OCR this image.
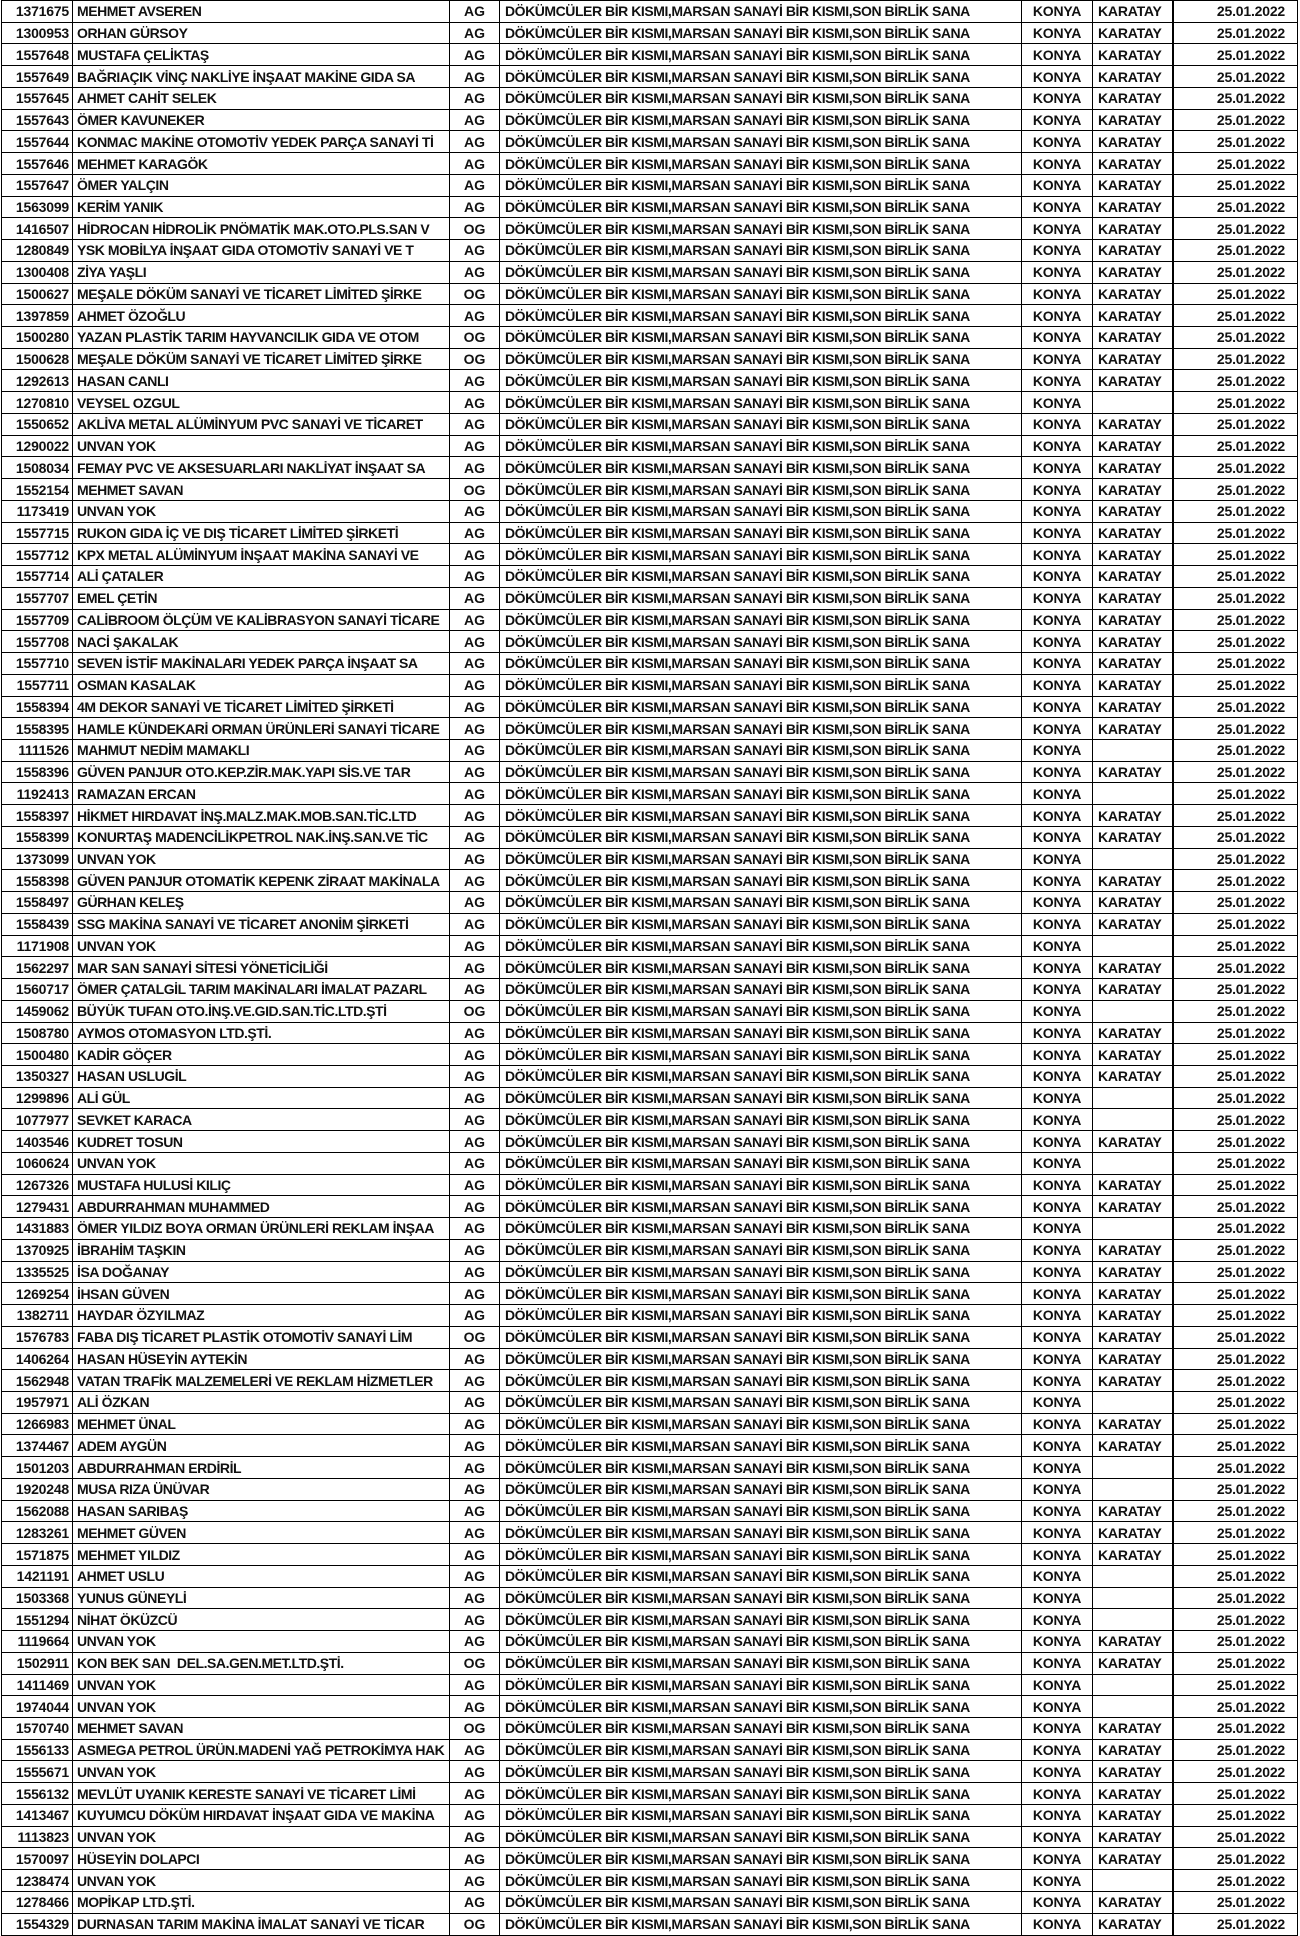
1371675	MEHMET AVSEREN	AG	DÖKÜMCÜLER BİR KISMI,MARSAN SANAYİ BİR KISMI,SON BİRLİK SANA	KONYA	KARATAY	25.01.2022
1300953	ORHAN GÜRSOY	AG	DÖKÜMCÜLER BİR KISMI,MARSAN SANAYİ BİR KISMI,SON BİRLİK SANA	KONYA	KARATAY	25.01.2022
1557648	MUSTAFA ÇELİKTAŞ	AG	DÖKÜMCÜLER BİR KISMI,MARSAN SANAYİ BİR KISMI,SON BİRLİK SANA	KONYA	KARATAY	25.01.2022
1557649	BAĞRIAÇIK VİNÇ NAKLİYE İNŞAAT MAKİNE GIDA SA	AG	DÖKÜMCÜLER BİR KISMI,MARSAN SANAYİ BİR KISMI,SON BİRLİK SANA	KONYA	KARATAY	25.01.2022
1557645	AHMET CAHİT SELEK	AG	DÖKÜMCÜLER BİR KISMI,MARSAN SANAYİ BİR KISMI,SON BİRLİK SANA	KONYA	KARATAY	25.01.2022
1557643	ÖMER KAVUNEKER	AG	DÖKÜMCÜLER BİR KISMI,MARSAN SANAYİ BİR KISMI,SON BİRLİK SANA	KONYA	KARATAY	25.01.2022
1557644	KONMAC MAKİNE OTOMOTİV YEDEK PARÇA SANAYİ Tİ	AG	DÖKÜMCÜLER BİR KISMI,MARSAN SANAYİ BİR KISMI,SON BİRLİK SANA	KONYA	KARATAY	25.01.2022
1557646	MEHMET KARAGÖK	AG	DÖKÜMCÜLER BİR KISMI,MARSAN SANAYİ BİR KISMI,SON BİRLİK SANA	KONYA	KARATAY	25.01.2022
1557647	ÖMER YALÇIN	AG	DÖKÜMCÜLER BİR KISMI,MARSAN SANAYİ BİR KISMI,SON BİRLİK SANA	KONYA	KARATAY	25.01.2022
1563099	KERİM YANIK	AG	DÖKÜMCÜLER BİR KISMI,MARSAN SANAYİ BİR KISMI,SON BİRLİK SANA	KONYA	KARATAY	25.01.2022
1416507	HİDROCAN HİDROLİK PNÖMATİK MAK.OTO.PLS.SAN V	OG	DÖKÜMCÜLER BİR KISMI,MARSAN SANAYİ BİR KISMI,SON BİRLİK SANA	KONYA	KARATAY	25.01.2022
1280849	YSK MOBİLYA İNŞAAT GIDA OTOMOTİV SANAYİ VE T	AG	DÖKÜMCÜLER BİR KISMI,MARSAN SANAYİ BİR KISMI,SON BİRLİK SANA	KONYA	KARATAY	25.01.2022
1300408	ZİYA YAŞLI	AG	DÖKÜMCÜLER BİR KISMI,MARSAN SANAYİ BİR KISMI,SON BİRLİK SANA	KONYA	KARATAY	25.01.2022
1500627	MEŞALE DÖKÜM SANAYİ VE TİCARET LİMİTED ŞİRKE	OG	DÖKÜMCÜLER BİR KISMI,MARSAN SANAYİ BİR KISMI,SON BİRLİK SANA	KONYA	KARATAY	25.01.2022
1397859	AHMET ÖZOĞLU	AG	DÖKÜMCÜLER BİR KISMI,MARSAN SANAYİ BİR KISMI,SON BİRLİK SANA	KONYA	KARATAY	25.01.2022
1500280	YAZAN PLASTİK TARIM HAYVANCILIK GIDA VE OTOM	OG	DÖKÜMCÜLER BİR KISMI,MARSAN SANAYİ BİR KISMI,SON BİRLİK SANA	KONYA	KARATAY	25.01.2022
1500628	MEŞALE DÖKÜM SANAYİ VE TİCARET LİMİTED ŞİRKE	OG	DÖKÜMCÜLER BİR KISMI,MARSAN SANAYİ BİR KISMI,SON BİRLİK SANA	KONYA	KARATAY	25.01.2022
1292613	HASAN CANLI	AG	DÖKÜMCÜLER BİR KISMI,MARSAN SANAYİ BİR KISMI,SON BİRLİK SANA	KONYA	KARATAY	25.01.2022
1270810	VEYSEL OZGUL	AG	DÖKÜMCÜLER BİR KISMI,MARSAN SANAYİ BİR KISMI,SON BİRLİK SANA	KONYA		25.01.2022
1550652	AKLİVA METAL ALÜMİNYUM PVC SANAYİ VE TİCARET	AG	DÖKÜMCÜLER BİR KISMI,MARSAN SANAYİ BİR KISMI,SON BİRLİK SANA	KONYA	KARATAY	25.01.2022
1290022	UNVAN YOK	AG	DÖKÜMCÜLER BİR KISMI,MARSAN SANAYİ BİR KISMI,SON BİRLİK SANA	KONYA	KARATAY	25.01.2022
1508034	FEMAY PVC VE AKSESUARLARI NAKLİYAT İNŞAAT SA	AG	DÖKÜMCÜLER BİR KISMI,MARSAN SANAYİ BİR KISMI,SON BİRLİK SANA	KONYA	KARATAY	25.01.2022
1552154	MEHMET SAVAN	OG	DÖKÜMCÜLER BİR KISMI,MARSAN SANAYİ BİR KISMI,SON BİRLİK SANA	KONYA	KARATAY	25.01.2022
1173419	UNVAN YOK	AG	DÖKÜMCÜLER BİR KISMI,MARSAN SANAYİ BİR KISMI,SON BİRLİK SANA	KONYA	KARATAY	25.01.2022
1557715	RUKON GIDA İÇ VE DIŞ TİCARET LİMİTED ŞİRKETİ	AG	DÖKÜMCÜLER BİR KISMI,MARSAN SANAYİ BİR KISMI,SON BİRLİK SANA	KONYA	KARATAY	25.01.2022
1557712	KPX METAL ALÜMİNYUM İNŞAAT MAKİNA SANAYİ VE	AG	DÖKÜMCÜLER BİR KISMI,MARSAN SANAYİ BİR KISMI,SON BİRLİK SANA	KONYA	KARATAY	25.01.2022
1557714	ALİ ÇATALER	AG	DÖKÜMCÜLER BİR KISMI,MARSAN SANAYİ BİR KISMI,SON BİRLİK SANA	KONYA	KARATAY	25.01.2022
1557707	EMEL ÇETİN	AG	DÖKÜMCÜLER BİR KISMI,MARSAN SANAYİ BİR KISMI,SON BİRLİK SANA	KONYA	KARATAY	25.01.2022
1557709	CALİBROOM ÖLÇÜM VE KALİBRASYON SANAYİ TİCARE	AG	DÖKÜMCÜLER BİR KISMI,MARSAN SANAYİ BİR KISMI,SON BİRLİK SANA	KONYA	KARATAY	25.01.2022
1557708	NACİ ŞAKALAK	AG	DÖKÜMCÜLER BİR KISMI,MARSAN SANAYİ BİR KISMI,SON BİRLİK SANA	KONYA	KARATAY	25.01.2022
1557710	SEVEN İSTİF MAKİNALARI YEDEK PARÇA İNŞAAT SA	AG	DÖKÜMCÜLER BİR KISMI,MARSAN SANAYİ BİR KISMI,SON BİRLİK SANA	KONYA	KARATAY	25.01.2022
1557711	OSMAN KASALAK	AG	DÖKÜMCÜLER BİR KISMI,MARSAN SANAYİ BİR KISMI,SON BİRLİK SANA	KONYA	KARATAY	25.01.2022
1558394	4M DEKOR SANAYİ VE TİCARET LİMİTED ŞİRKETİ	AG	DÖKÜMCÜLER BİR KISMI,MARSAN SANAYİ BİR KISMI,SON BİRLİK SANA	KONYA	KARATAY	25.01.2022
1558395	HAMLE KÜNDEKARİ ORMAN ÜRÜNLERİ SANAYİ TİCARE	AG	DÖKÜMCÜLER BİR KISMI,MARSAN SANAYİ BİR KISMI,SON BİRLİK SANA	KONYA	KARATAY	25.01.2022
1111526	MAHMUT NEDİM MAMAKLI	AG	DÖKÜMCÜLER BİR KISMI,MARSAN SANAYİ BİR KISMI,SON BİRLİK SANA	KONYA		25.01.2022
1558396	GÜVEN PANJUR OTO.KEP.ZİR.MAK.YAPI SİS.VE TAR	AG	DÖKÜMCÜLER BİR KISMI,MARSAN SANAYİ BİR KISMI,SON BİRLİK SANA	KONYA	KARATAY	25.01.2022
1192413	RAMAZAN ERCAN	AG	DÖKÜMCÜLER BİR KISMI,MARSAN SANAYİ BİR KISMI,SON BİRLİK SANA	KONYA		25.01.2022
1558397	HİKMET HIRDAVAT İNŞ.MALZ.MAK.MOB.SAN.TİC.LTD	AG	DÖKÜMCÜLER BİR KISMI,MARSAN SANAYİ BİR KISMI,SON BİRLİK SANA	KONYA	KARATAY	25.01.2022
1558399	KONURTAŞ MADENCİLİKPETROL NAK.İNŞ.SAN.VE TİC	AG	DÖKÜMCÜLER BİR KISMI,MARSAN SANAYİ BİR KISMI,SON BİRLİK SANA	KONYA	KARATAY	25.01.2022
1373099	UNVAN YOK	AG	DÖKÜMCÜLER BİR KISMI,MARSAN SANAYİ BİR KISMI,SON BİRLİK SANA	KONYA		25.01.2022
1558398	GÜVEN PANJUR OTOMATİK KEPENK ZİRAAT MAKİNALA	AG	DÖKÜMCÜLER BİR KISMI,MARSAN SANAYİ BİR KISMI,SON BİRLİK SANA	KONYA	KARATAY	25.01.2022
1558497	GÜRHAN KELEŞ	AG	DÖKÜMCÜLER BİR KISMI,MARSAN SANAYİ BİR KISMI,SON BİRLİK SANA	KONYA	KARATAY	25.01.2022
1558439	SSG MAKİNA SANAYİ VE TİCARET ANONİM ŞİRKETİ	AG	DÖKÜMCÜLER BİR KISMI,MARSAN SANAYİ BİR KISMI,SON BİRLİK SANA	KONYA	KARATAY	25.01.2022
1171908	UNVAN YOK	AG	DÖKÜMCÜLER BİR KISMI,MARSAN SANAYİ BİR KISMI,SON BİRLİK SANA	KONYA		25.01.2022
1562297	MAR SAN SANAYİ SİTESİ YÖNETİCİLİĞİ	AG	DÖKÜMCÜLER BİR KISMI,MARSAN SANAYİ BİR KISMI,SON BİRLİK SANA	KONYA	KARATAY	25.01.2022
1560717	ÖMER ÇATALGİL TARIM MAKİNALARI İMALAT PAZARL	AG	DÖKÜMCÜLER BİR KISMI,MARSAN SANAYİ BİR KISMI,SON BİRLİK SANA	KONYA	KARATAY	25.01.2022
1459062	BÜYÜK TUFAN OTO.İNŞ.VE.GID.SAN.TİC.LTD.ŞTİ	OG	DÖKÜMCÜLER BİR KISMI,MARSAN SANAYİ BİR KISMI,SON BİRLİK SANA	KONYA		25.01.2022
1508780	AYMOS OTOMASYON LTD.ŞTİ.	AG	DÖKÜMCÜLER BİR KISMI,MARSAN SANAYİ BİR KISMI,SON BİRLİK SANA	KONYA	KARATAY	25.01.2022
1500480	KADİR GÖÇER	AG	DÖKÜMCÜLER BİR KISMI,MARSAN SANAYİ BİR KISMI,SON BİRLİK SANA	KONYA	KARATAY	25.01.2022
1350327	HASAN USLUGİL	AG	DÖKÜMCÜLER BİR KISMI,MARSAN SANAYİ BİR KISMI,SON BİRLİK SANA	KONYA	KARATAY	25.01.2022
1299896	ALİ GÜL	AG	DÖKÜMCÜLER BİR KISMI,MARSAN SANAYİ BİR KISMI,SON BİRLİK SANA	KONYA		25.01.2022
1077977	SEVKET KARACA	AG	DÖKÜMCÜLER BİR KISMI,MARSAN SANAYİ BİR KISMI,SON BİRLİK SANA	KONYA		25.01.2022
1403546	KUDRET TOSUN	AG	DÖKÜMCÜLER BİR KISMI,MARSAN SANAYİ BİR KISMI,SON BİRLİK SANA	KONYA	KARATAY	25.01.2022
1060624	UNVAN YOK	AG	DÖKÜMCÜLER BİR KISMI,MARSAN SANAYİ BİR KISMI,SON BİRLİK SANA	KONYA		25.01.2022
1267326	MUSTAFA HULUSİ KILIÇ	AG	DÖKÜMCÜLER BİR KISMI,MARSAN SANAYİ BİR KISMI,SON BİRLİK SANA	KONYA	KARATAY	25.01.2022
1279431	ABDURRAHMAN MUHAMMED	AG	DÖKÜMCÜLER BİR KISMI,MARSAN SANAYİ BİR KISMI,SON BİRLİK SANA	KONYA	KARATAY	25.01.2022
1431883	ÖMER YILDIZ BOYA ORMAN ÜRÜNLERİ REKLAM İNŞAA	AG	DÖKÜMCÜLER BİR KISMI,MARSAN SANAYİ BİR KISMI,SON BİRLİK SANA	KONYA		25.01.2022
1370925	İBRAHİM TAŞKIN	AG	DÖKÜMCÜLER BİR KISMI,MARSAN SANAYİ BİR KISMI,SON BİRLİK SANA	KONYA	KARATAY	25.01.2022
1335525	İSA DOĞANAY	AG	DÖKÜMCÜLER BİR KISMI,MARSAN SANAYİ BİR KISMI,SON BİRLİK SANA	KONYA	KARATAY	25.01.2022
1269254	İHSAN GÜVEN	AG	DÖKÜMCÜLER BİR KISMI,MARSAN SANAYİ BİR KISMI,SON BİRLİK SANA	KONYA	KARATAY	25.01.2022
1382711	HAYDAR ÖZYILMAZ	AG	DÖKÜMCÜLER BİR KISMI,MARSAN SANAYİ BİR KISMI,SON BİRLİK SANA	KONYA	KARATAY	25.01.2022
1576783	FABA DIŞ TİCARET PLASTİK OTOMOTİV SANAYİ LİM	OG	DÖKÜMCÜLER BİR KISMI,MARSAN SANAYİ BİR KISMI,SON BİRLİK SANA	KONYA	KARATAY	25.01.2022
1406264	HASAN HÜSEYİN AYTEKİN	AG	DÖKÜMCÜLER BİR KISMI,MARSAN SANAYİ BİR KISMI,SON BİRLİK SANA	KONYA	KARATAY	25.01.2022
1562948	VATAN TRAFİK MALZEMELERİ VE REKLAM HİZMETLER	AG	DÖKÜMCÜLER BİR KISMI,MARSAN SANAYİ BİR KISMI,SON BİRLİK SANA	KONYA	KARATAY	25.01.2022
1957971	ALİ ÖZKAN	AG	DÖKÜMCÜLER BİR KISMI,MARSAN SANAYİ BİR KISMI,SON BİRLİK SANA	KONYA		25.01.2022
1266983	MEHMET ÜNAL	AG	DÖKÜMCÜLER BİR KISMI,MARSAN SANAYİ BİR KISMI,SON BİRLİK SANA	KONYA	KARATAY	25.01.2022
1374467	ADEM AYGÜN	AG	DÖKÜMCÜLER BİR KISMI,MARSAN SANAYİ BİR KISMI,SON BİRLİK SANA	KONYA	KARATAY	25.01.2022
1501203	ABDURRAHMAN ERDİRİL	AG	DÖKÜMCÜLER BİR KISMI,MARSAN SANAYİ BİR KISMI,SON BİRLİK SANA	KONYA		25.01.2022
1920248	MUSA RIZA ÜNÜVAR	AG	DÖKÜMCÜLER BİR KISMI,MARSAN SANAYİ BİR KISMI,SON BİRLİK SANA	KONYA		25.01.2022
1562088	HASAN SARIBAŞ	AG	DÖKÜMCÜLER BİR KISMI,MARSAN SANAYİ BİR KISMI,SON BİRLİK SANA	KONYA	KARATAY	25.01.2022
1283261	MEHMET GÜVEN	AG	DÖKÜMCÜLER BİR KISMI,MARSAN SANAYİ BİR KISMI,SON BİRLİK SANA	KONYA	KARATAY	25.01.2022
1571875	MEHMET YILDIZ	AG	DÖKÜMCÜLER BİR KISMI,MARSAN SANAYİ BİR KISMI,SON BİRLİK SANA	KONYA	KARATAY	25.01.2022
1421191	AHMET USLU	AG	DÖKÜMCÜLER BİR KISMI,MARSAN SANAYİ BİR KISMI,SON BİRLİK SANA	KONYA		25.01.2022
1503368	YUNUS GÜNEYLİ	AG	DÖKÜMCÜLER BİR KISMI,MARSAN SANAYİ BİR KISMI,SON BİRLİK SANA	KONYA		25.01.2022
1551294	NİHAT ÖKÜZCÜ	AG	DÖKÜMCÜLER BİR KISMI,MARSAN SANAYİ BİR KISMI,SON BİRLİK SANA	KONYA		25.01.2022
1119664	UNVAN YOK	AG	DÖKÜMCÜLER BİR KISMI,MARSAN SANAYİ BİR KISMI,SON BİRLİK SANA	KONYA	KARATAY	25.01.2022
1502911	KON BEK SAN  DEL.SA.GEN.MET.LTD.ŞTİ.	OG	DÖKÜMCÜLER BİR KISMI,MARSAN SANAYİ BİR KISMI,SON BİRLİK SANA	KONYA	KARATAY	25.01.2022
1411469	UNVAN YOK	AG	DÖKÜMCÜLER BİR KISMI,MARSAN SANAYİ BİR KISMI,SON BİRLİK SANA	KONYA		25.01.2022
1974044	UNVAN YOK	AG	DÖKÜMCÜLER BİR KISMI,MARSAN SANAYİ BİR KISMI,SON BİRLİK SANA	KONYA		25.01.2022
1570740	MEHMET SAVAN	OG	DÖKÜMCÜLER BİR KISMI,MARSAN SANAYİ BİR KISMI,SON BİRLİK SANA	KONYA	KARATAY	25.01.2022
1556133	ASMEGA PETROL ÜRÜN.MADENİ YAĞ PETROKİMYA HAK	AG	DÖKÜMCÜLER BİR KISMI,MARSAN SANAYİ BİR KISMI,SON BİRLİK SANA	KONYA	KARATAY	25.01.2022
1555671	UNVAN YOK	AG	DÖKÜMCÜLER BİR KISMI,MARSAN SANAYİ BİR KISMI,SON BİRLİK SANA	KONYA	KARATAY	25.01.2022
1556132	MEVLÜT UYANIK KERESTE SANAYİ VE TİCARET LİMİ	AG	DÖKÜMCÜLER BİR KISMI,MARSAN SANAYİ BİR KISMI,SON BİRLİK SANA	KONYA	KARATAY	25.01.2022
1413467	KUYUMCU DÖKÜM HIRDAVAT İNŞAAT GIDA VE MAKİNA	AG	DÖKÜMCÜLER BİR KISMI,MARSAN SANAYİ BİR KISMI,SON BİRLİK SANA	KONYA	KARATAY	25.01.2022
1113823	UNVAN YOK	AG	DÖKÜMCÜLER BİR KISMI,MARSAN SANAYİ BİR KISMI,SON BİRLİK SANA	KONYA	KARATAY	25.01.2022
1570097	HÜSEYİN DOLAPCI	AG	DÖKÜMCÜLER BİR KISMI,MARSAN SANAYİ BİR KISMI,SON BİRLİK SANA	KONYA	KARATAY	25.01.2022
1238474	UNVAN YOK	AG	DÖKÜMCÜLER BİR KISMI,MARSAN SANAYİ BİR KISMI,SON BİRLİK SANA	KONYA		25.01.2022
1278466	MOPİKAP LTD.ŞTİ.	AG	DÖKÜMCÜLER BİR KISMI,MARSAN SANAYİ BİR KISMI,SON BİRLİK SANA	KONYA	KARATAY	25.01.2022
1554329	DURNASAN TARIM MAKİNA İMALAT SANAYİ VE TİCAR	OG	DÖKÜMCÜLER BİR KISMI,MARSAN SANAYİ BİR KISMI,SON BİRLİK SANA	KONYA	KARATAY	25.01.2022
